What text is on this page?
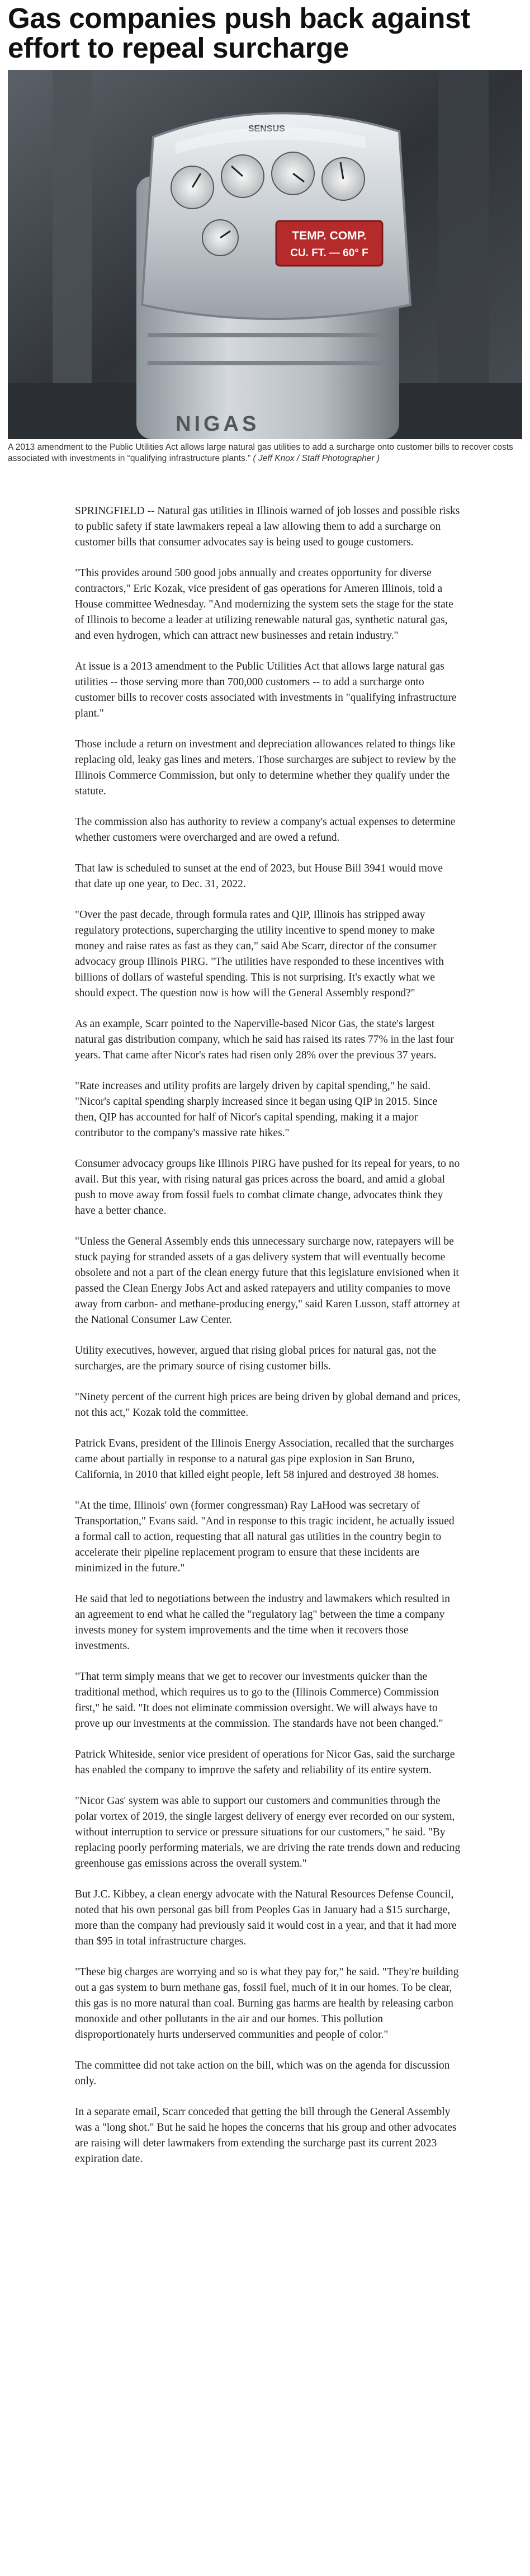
Gas companies push back against effort to repeal surcharge
NIGAS
SENSUS
TEMP. COMP.
CU. FT. — 60° F

A 2013 amendment to the Public Utilities Act allows large natural gas utilities to add a surcharge onto customer bills to recover costs associated with investments in “qualifying infrastructure plants.” ( Jeff Knox / Staff Photographer )

SPRINGFIELD -- Natural gas utilities in Illinois warned of job losses and possible risks to public safety if state lawmakers repeal a law allowing them to add a surcharge on customer bills that consumer advocates say is being used to gouge customers.

"This provides around 500 good jobs annually and creates opportunity for diverse contractors," Eric Kozak, vice president of gas operations for Ameren Illinois, told a House committee Wednesday. "And modernizing the system sets the stage for the state of Illinois to become a leader at utilizing renewable natural gas, synthetic natural gas, and even hydrogen, which can attract new businesses and retain industry."

At issue is a 2013 amendment to the Public Utilities Act that allows large natural gas utilities -- those serving more than 700,000 customers -- to add a surcharge onto customer bills to recover costs associated with investments in "qualifying infrastructure plant."

Those include a return on investment and depreciation allowances related to things like replacing old, leaky gas lines and meters. Those surcharges are subject to review by the Illinois Commerce Commission, but only to determine whether they qualify under the statute.

The commission also has authority to review a company's actual expenses to determine whether customers were overcharged and are owed a refund.

That law is scheduled to sunset at the end of 2023, but House Bill 3941 would move that date up one year, to Dec. 31, 2022.

"Over the past decade, through formula rates and QIP, Illinois has stripped away regulatory protections, supercharging the utility incentive to spend money to make money and raise rates as fast as they can," said Abe Scarr, director of the consumer advocacy group Illinois PIRG. "The utilities have responded to these incentives with billions of dollars of wasteful spending. This is not surprising. It's exactly what we should expect. The question now is how will the General Assembly respond?"

As an example, Scarr pointed to the Naperville-based Nicor Gas, the state's largest natural gas distribution company, which he said has raised its rates 77% in the last four years. That came after Nicor's rates had risen only 28% over the previous 37 years.

"Rate increases and utility profits are largely driven by capital spending," he said. "Nicor's capital spending sharply increased since it began using QIP in 2015. Since then, QIP has accounted for half of Nicor's capital spending, making it a major contributor to the company's massive rate hikes."

Consumer advocacy groups like Illinois PIRG have pushed for its repeal for years, to no avail. But this year, with rising natural gas prices across the board, and amid a global push to move away from fossil fuels to combat climate change, advocates think they have a better chance.

"Unless the General Assembly ends this unnecessary surcharge now, ratepayers will be stuck paying for stranded assets of a gas delivery system that will eventually become obsolete and not a part of the clean energy future that this legislature envisioned when it passed the Clean Energy Jobs Act and asked ratepayers and utility companies to move away from carbon- and methane-producing energy," said Karen Lusson, staff attorney at the National Consumer Law Center.

Utility executives, however, argued that rising global prices for natural gas, not the surcharges, are the primary source of rising customer bills.

"Ninety percent of the current high prices are being driven by global demand and prices, not this act," Kozak told the committee.

Patrick Evans, president of the Illinois Energy Association, recalled that the surcharges came about partially in response to a natural gas pipe explosion in San Bruno, California, in 2010 that killed eight people, left 58 injured and destroyed 38 homes.

"At the time, Illinois' own (former congressman) Ray LaHood was secretary of Transportation," Evans said. "And in response to this tragic incident, he actually issued a formal call to action, requesting that all natural gas utilities in the country begin to accelerate their pipeline replacement program to ensure that these incidents are minimized in the future."

He said that led to negotiations between the industry and lawmakers which resulted in an agreement to end what he called the "regulatory lag" between the time a company invests money for system improvements and the time when it recovers those investments.

"That term simply means that we get to recover our investments quicker than the traditional method, which requires us to go to the (Illinois Commerce) Commission first," he said. "It does not eliminate commission oversight. We will always have to prove up our investments at the commission. The standards have not been changed."

Patrick Whiteside, senior vice president of operations for Nicor Gas, said the surcharge has enabled the company to improve the safety and reliability of its entire system.

"Nicor Gas' system was able to support our customers and communities through the polar vortex of 2019, the single largest delivery of energy ever recorded on our system, without interruption to service or pressure situations for our customers," he said. "By replacing poorly performing materials, we are driving the rate trends down and reducing greenhouse gas emissions across the overall system."

But J.C. Kibbey, a clean energy advocate with the Natural Resources Defense Council, noted that his own personal gas bill from Peoples Gas in January had a $15 surcharge, more than the company had previously said it would cost in a year, and that it had more than $95 in total infrastructure charges.

"These big charges are worrying and so is what they pay for," he said. "They're building out a gas system to burn methane gas, fossil fuel, much of it in our homes. To be clear, this gas is no more natural than coal. Burning gas harms are health by releasing carbon monoxide and other pollutants in the air and our homes. This pollution disproportionately hurts underserved communities and people of color."

The committee did not take action on the bill, which was on the agenda for discussion only.

In a separate email, Scarr conceded that getting the bill through the General Assembly was a "long shot." But he said he hopes the concerns that his group and other advocates are raising will deter lawmakers from extending the surcharge past its current 2023 expiration date.
